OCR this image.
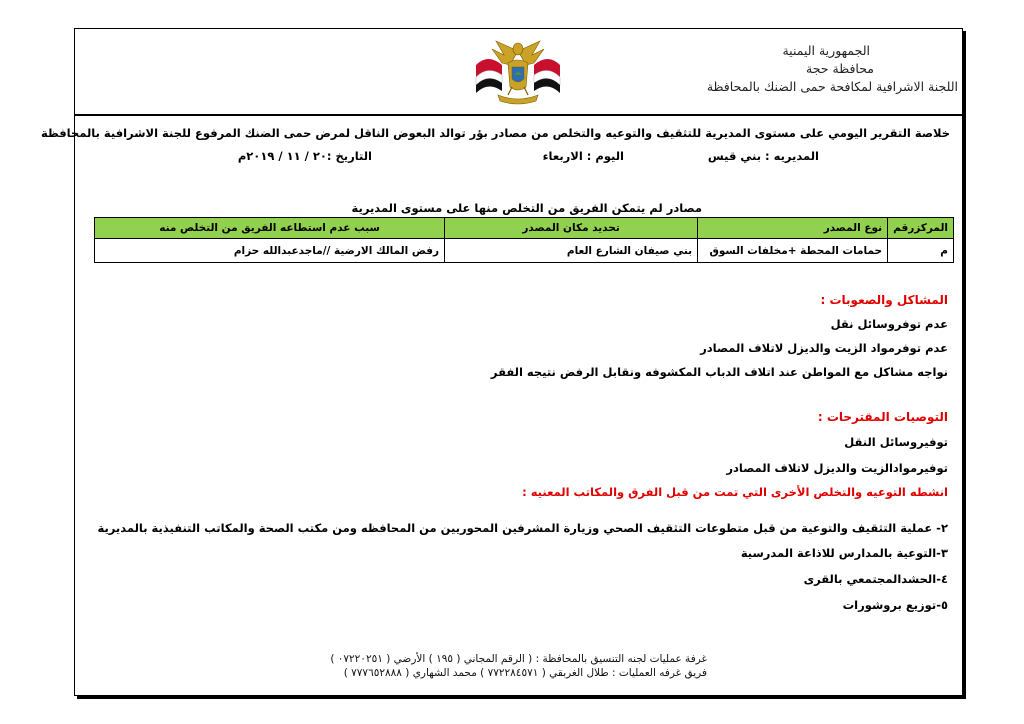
الجمهورية اليمنية
محافظة حجة
اللجنة الاشرافية لمكافحة حمى الضنك بالمحافظة
خلاصة التقرير اليومي على مستوى المديرية للتثقيف والتوعيه والتخلص من مصادر بؤر توالد البعوض الناقل لمرض حمى الضنك المرفوع للجنة الاشرافية بالمحافظة
المديريه : بني قيس
اليوم : الاربعاء
التاريخ :٢٠ / ١١ / ٢٠١٩م
مصادر لم يتمكن الفريق من التخلص منها على مستوى المديرية
المركزرقم	نوع المصدر	تحديد مكان المصدر	سبب عدم استطاعه الفريق من التخلص منه
م	حمامات المحطة +مخلفات السوق	بني صيفان الشارع العام	رفض المالك الارضية //ماجدعبدالله حزام
المشاكل والصعوبات :
عدم توفروسائل نقل
عدم توفرمواد الزيت والديزل لاتلاف المصادر
نواجه مشاكل مع المواطن عند اتلاف الدباب المكشوفه ونقابل الرفض نتيجه الفقر
التوصيات المقترحات :
توفيروسائل النقل
توفيرموادالزيت والديزل لاتلاف المصادر
انشطه التوعيه والتخلص الأخرى التي تمت من قبل الفرق والمكاتب المعنيه :
٢- عملية التثقيف والتوعية من قبل متطوعات التثقيف الصحي وزيارة المشرفين المحوريين من المحافظه ومن مكتب الصحة والمكاتب التنفيذية بالمديرية
٣-التوعية بالمدارس للاذاعة المدرسية
٤-الحشدالمجتمعي بالقرى
٥-توزيع بروشورات
غرفة عمليات لجنه التنسيق بالمحافظة : ( الرقم المجاني ( ١٩٥ ) الأرضي ( ٠٧٢٢٠٢٥١ )
فريق غرفه العمليات : طلال الغربقي ( ٧٧٢٢٨٤٥٧١ ) محمد الشهاري ( ٧٧٧٦٥٢٨٨٨ )
